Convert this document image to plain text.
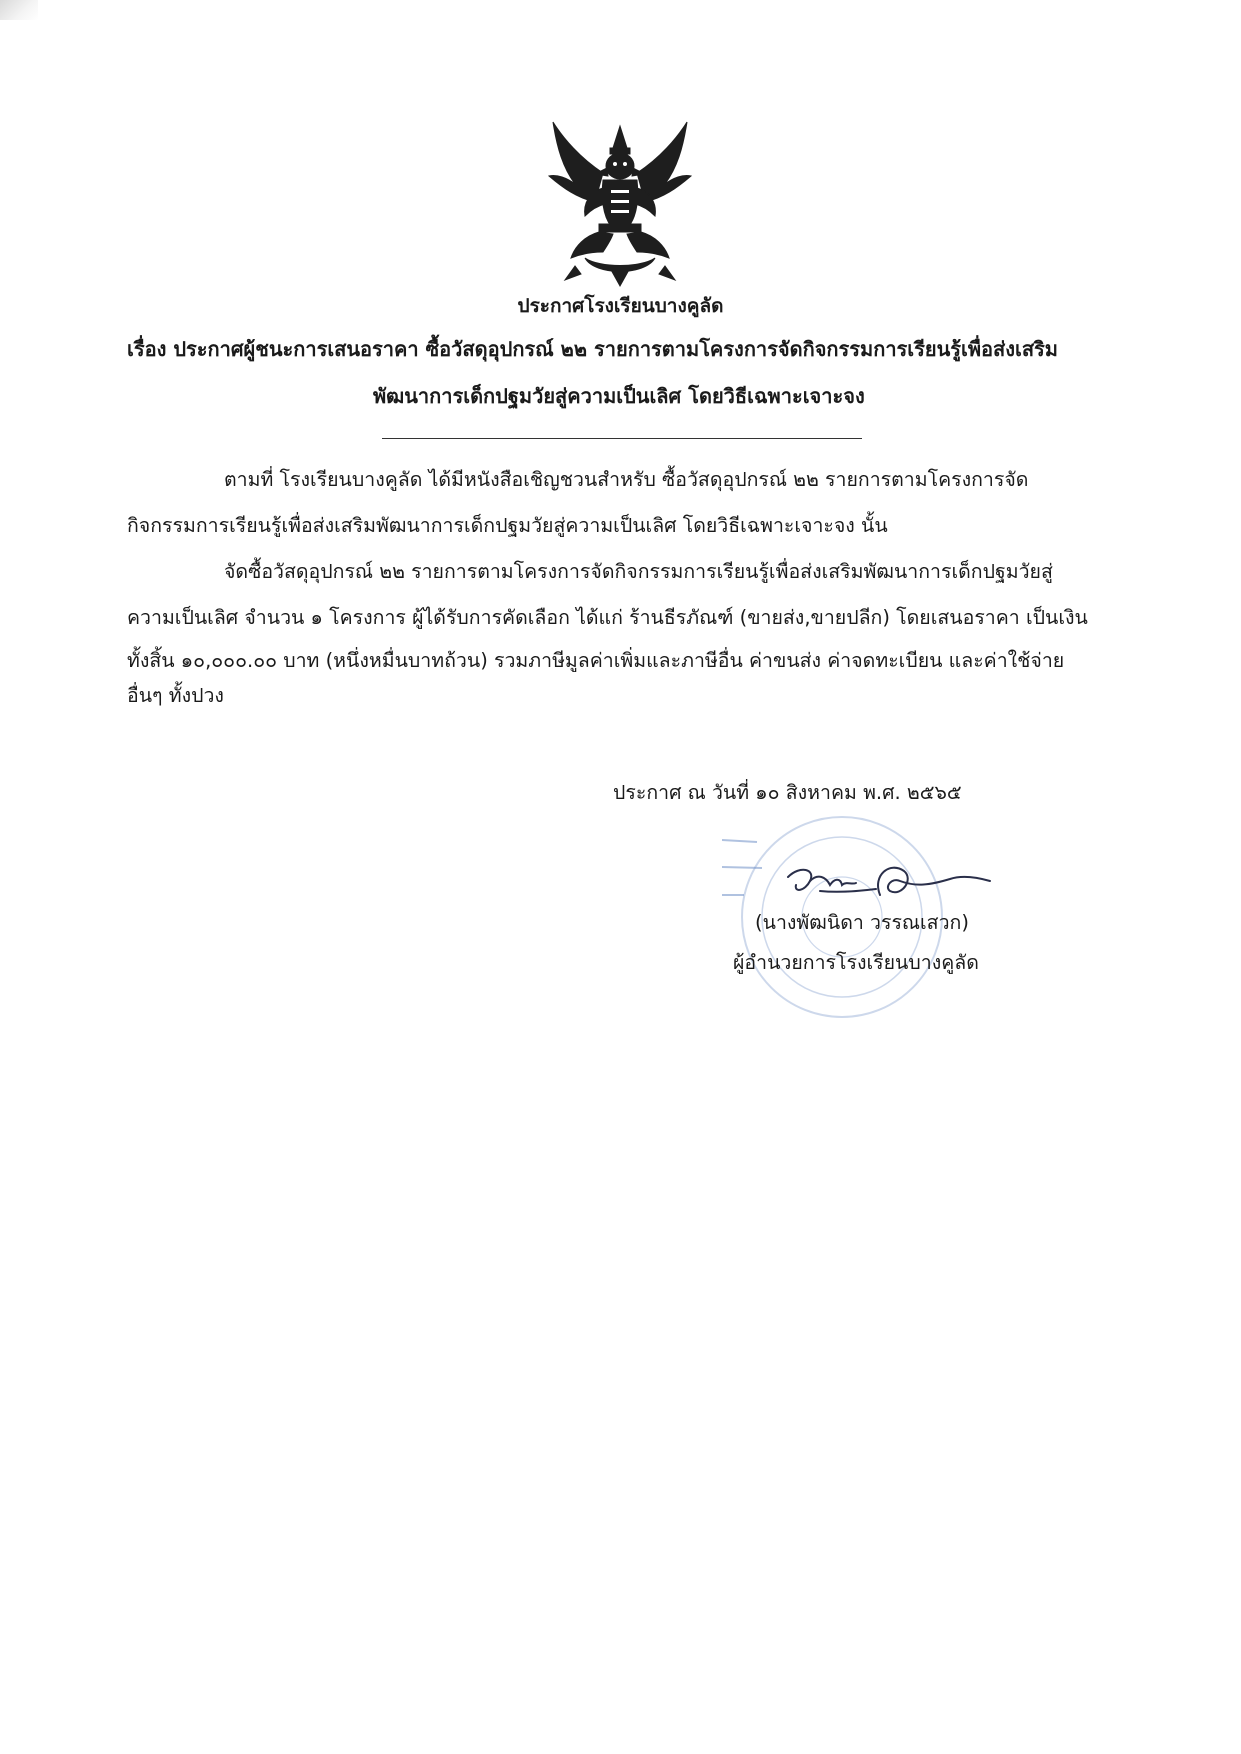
ประกาศโรงเรียนบางคูลัด
เรื่อง ประกาศผู้ชนะการเสนอราคา ซื้อวัสดุอุปกรณ์ ๒๒ รายการตามโครงการจัดกิจกรรมการเรียนรู้เพื่อส่งเสริม
พัฒนาการเด็กปฐมวัยสู่ความเป็นเลิศ โดยวิธีเฉพาะเจาะจง
ตามที่ โรงเรียนบางคูลัด ได้มีหนังสือเชิญชวนสำหรับ ซื้อวัสดุอุปกรณ์ ๒๒ รายการตามโครงการจัด
กิจกรรมการเรียนรู้เพื่อส่งเสริมพัฒนาการเด็กปฐมวัยสู่ความเป็นเลิศ โดยวิธีเฉพาะเจาะจง นั้น
จัดซื้อวัสดุอุปกรณ์ ๒๒ รายการตามโครงการจัดกิจกรรมการเรียนรู้เพื่อส่งเสริมพัฒนาการเด็กปฐมวัยสู่
ความเป็นเลิศ จำนวน ๑ โครงการ ผู้ได้รับการคัดเลือก ได้แก่ ร้านธีรภัณฑ์ (ขายส่ง,ขายปลีก) โดยเสนอราคา เป็นเงิน
ทั้งสิ้น ๑๐,๐๐๐.๐๐ บาท (หนึ่งหมื่นบาทถ้วน) รวมภาษีมูลค่าเพิ่มและภาษีอื่น ค่าขนส่ง ค่าจดทะเบียน และค่าใช้จ่าย
อื่นๆ ทั้งปวง
ประกาศ ณ วันที่ ๑๐ สิงหาคม พ.ศ. ๒๕๖๕
(นางพัฒนิดา วรรณเสวก)
ผู้อำนวยการโรงเรียนบางคูลัด
